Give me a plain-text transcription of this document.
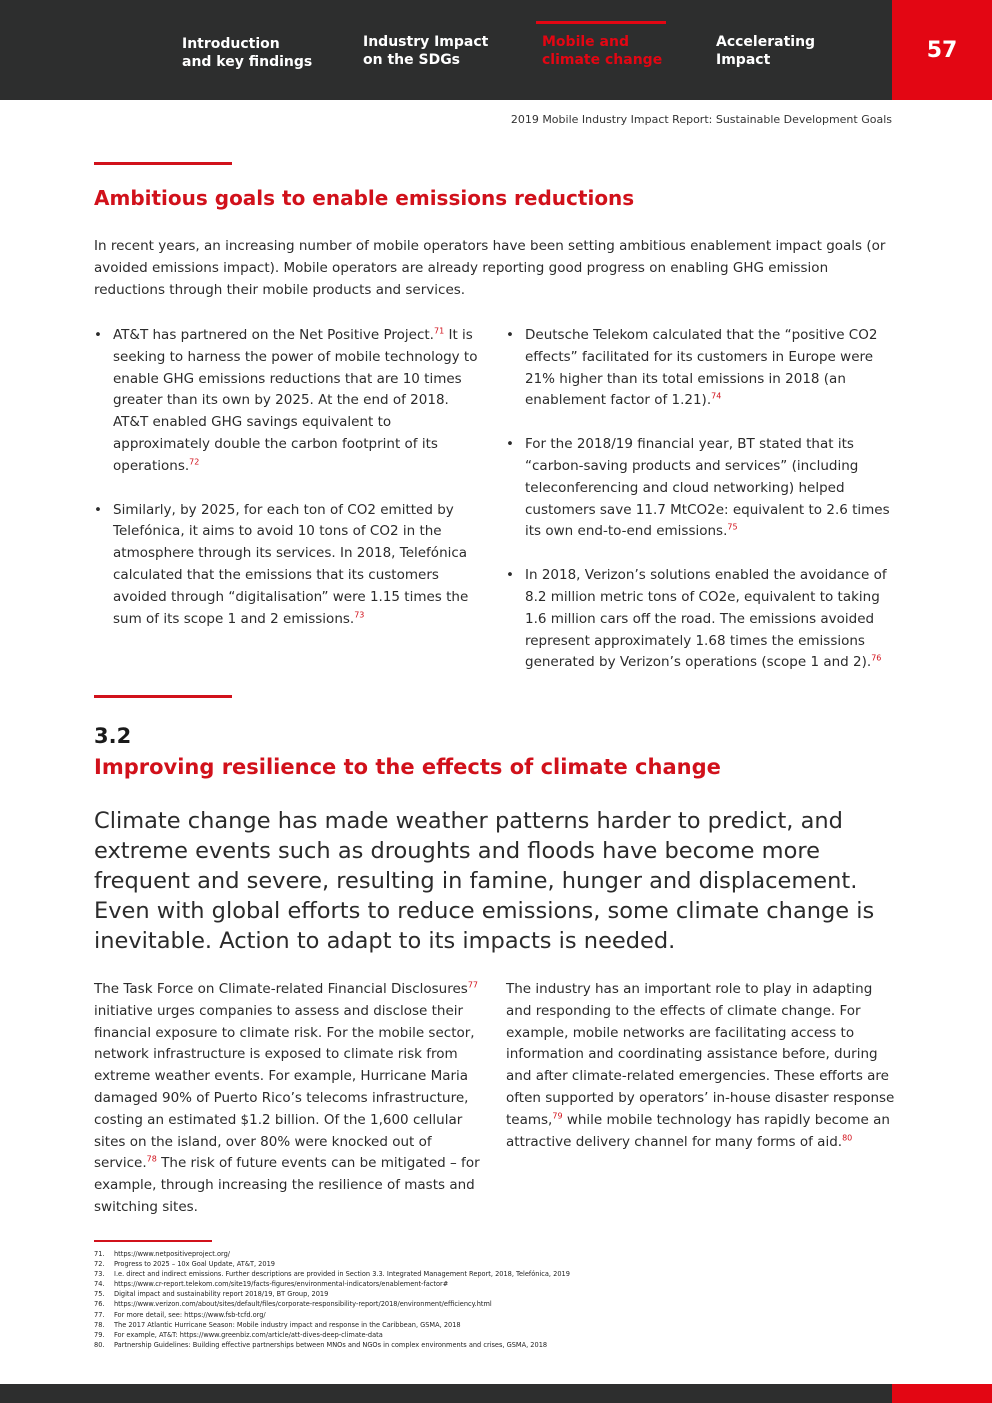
Introduction
and key findings
Industry Impact
on the SDGs
Mobile and
climate change
Accelerating
Impact	57
2019 Mobile Industry Impact Report: Sustainable Development Goals
Ambitious goals to enable emissions reductions

In recent years, an increasing number of mobile operators have been setting ambitious enablement impact goals (or avoided emissions impact). Mobile operators are already reporting good progress on enabling GHG emission reductions through their mobile products and services.

• AT&T has partnered on the Net Positive Project.$^{71}$ It is seeking to harness the power of mobile technology to enable GHG emissions reductions that are 10 times greater than its own by 2025. At the end of 2018. AT&T enabled GHG savings equivalent to approximately double the carbon footprint of its operations.$^{72}$
• Similarly, by 2025, for each ton of CO2 emitted by Telefónica, it aims to avoid 10 tons of CO2 in the atmosphere through its services. In 2018, Telefónica calculated that the emissions that its customers avoided through “digitalisation” were 1.15 times the sum of its scope 1 and 2 emissions.$^{73}$
• Deutsche Telekom calculated that the “positive CO2 effects” facilitated for its customers in Europe were 21% higher than its total emissions in 2018 (an enablement factor of 1.21).$^{74}$
• For the 2018/19 financial year, BT stated that its “carbon-saving products and services” (including teleconferencing and cloud networking) helped customers save 11.7 MtCO2e: equivalent to 2.6 times its own end-to-end emissions.$^{75}$
• In 2018, Verizon’s solutions enabled the avoidance of 8.2 million metric tons of CO2e, equivalent to taking 1.6 million cars off the road. The emissions avoided represent approximately 1.68 times the emissions generated by Verizon’s operations (scope 1 and 2).$^{76}$
3.2
Improving resilience to the effects of climate change

Climate change has made weather patterns harder to predict, and extreme events such as droughts and floods have become more frequent and severe, resulting in famine, hunger and displacement. Even with global efforts to reduce emissions, some climate change is inevitable. Action to adapt to its impacts is needed.

The Task Force on Climate-related Financial Disclosures$^{77}$ initiative urges companies to assess and disclose their financial exposure to climate risk. For the mobile sector, network infrastructure is exposed to climate risk from extreme weather events. For example, Hurricane Maria damaged 90% of Puerto Rico’s telecoms infrastructure, costing an estimated $1.2 billion. Of the 1,600 cellular sites on the island, over 80% were knocked out of service.$^{78}$ The risk of future events can be mitigated – for example, through increasing the resilience of masts and switching sites.

The industry has an important role to play in adapting and responding to the effects of climate change. For example, mobile networks are facilitating access to information and coordinating assistance before, during and after climate-related emergencies. These efforts are often supported by operators’ in-house disaster response teams,$^{79}$ while mobile technology has rapidly become an attractive delivery channel for many forms of aid.$^{80}$

71. https://www.netpositiveproject.org/
72. Progress to 2025 – 10x Goal Update, AT&T, 2019
73. I.e. direct and indirect emissions. Further descriptions are provided in Section 3.3. Integrated Management Report, 2018, Telefónica, 2019
74. https://www.cr-report.telekom.com/site19/facts-figures/environmental-indicators/enablement-factor#
75. Digital impact and sustainability report 2018/19, BT Group, 2019
76. https://www.verizon.com/about/sites/default/files/corporate-responsibility-report/2018/environment/efficiency.html
77. For more detail, see: https://www.fsb-tcfd.org/
78. The 2017 Atlantic Hurricane Season: Mobile industry impact and response in the Caribbean, GSMA, 2018
79. For example, AT&T: https://www.greenbiz.com/article/att-dives-deep-climate-data
80. Partnership Guidelines: Building effective partnerships between MNOs and NGOs in complex environments and crises, GSMA, 2018
